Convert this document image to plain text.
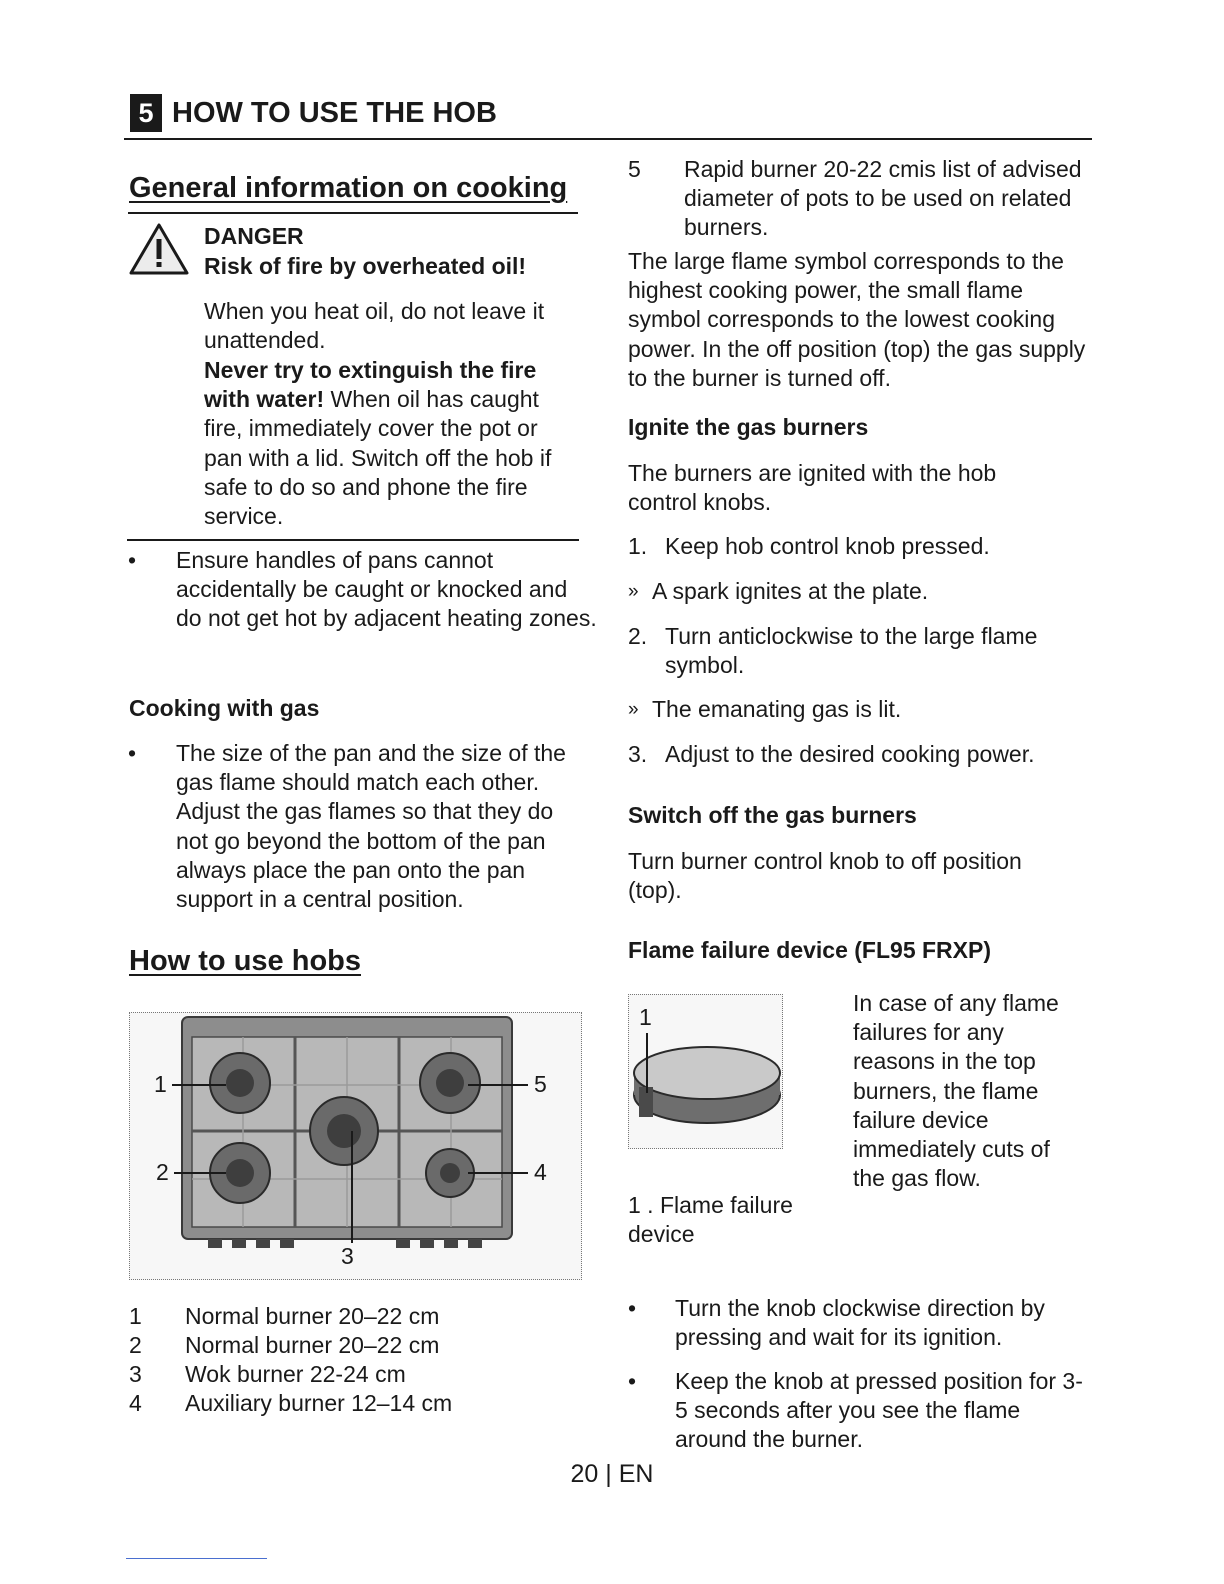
5 HOW TO USE THE HOB
General information on cooking
DANGER
Risk of fire by overheated oil!
When you heat oil, do not leave it unattended.
Never try to extinguish the fire with water! When oil has caught fire, immediately cover the pot or pan with a lid. Switch off the hob if safe to do so and phone the fire service.
• Ensure handles of pans cannot accidentally be caught or knocked and do not get hot by adjacent heating zones.
Cooking with gas
• The size of the pan and the size of the gas flame should match each other. Adjust the gas flames so that they do not go beyond the bottom of the pan always place the pan onto the pan support in a central position.
How to use hobs
1
2
3
4
5
1	Normal burner 20–22 cm
2	Normal burner 20–22 cm
3	Wok burner 22-24 cm
4	Auxiliary burner 12–14 cm
5 Rapid burner 20-22 cmis list of advised diameter of pots to be used on related burners.
The large flame symbol corresponds to the highest cooking power, the small flame symbol corresponds to the lowest cooking power. In the off position (top) the gas supply to the burner is turned off.
Ignite the gas burners
The burners are ignited with the hob control knobs.
1. Keep hob control knob pressed.
» A spark ignites at the plate.
2. Turn anticlockwise to the large flame symbol.
» The emanating gas is lit.
3. Adjust to the desired cooking power.
Switch off the gas burners
Turn burner control knob to off position (top).
Flame failure device (FL95 FRXP)
1
1 . Flame failure device
In case of any flame failures for any reasons in the top burners, the flame failure device immediately cuts of the gas flow.
• Turn the knob clockwise direction by pressing and wait for its ignition.
• Keep the knob at pressed position for 3-5 seconds after you see the flame around the burner.
20 | EN
